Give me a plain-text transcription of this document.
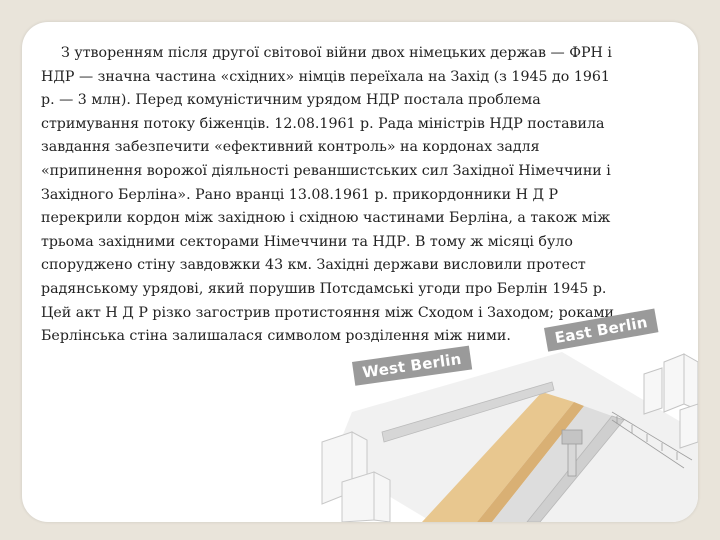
З утворенням після другої світової війни двох німецьких держав — ФРН і НДР — значна частина «східних» німців переїхала на Захід (з 1945 до 1961 р. — 3 млн). Перед комуністичним урядом НДР постала проблема стримування потоку біженців. 12.08.1961 р. Рада міністрів НДР поставила завдання забезпечити «ефективний контроль» на кордонах задля «припинення ворожої діяльності реваншистських сил Західної Німеччини і Західного Берліна». Рано вранці 13.08.1961 р. прикордонники Н Д Р перекрили кордон між західною і східною частинами Берліна, а також між трьома західними секторами Німеччини та НДР. В тому ж місяці було споруджено стіну завдовжки 43 км. Західні держави висловили протест радянському урядові, який порушив Потсдамські угоди про Берлін 1945 р. Цей акт Н Д Р різко загострив протистояння між Сходом і Заходом; роками Берлінська стіна залишалася символом розділення між ними.

West Berlin
East Berlin
